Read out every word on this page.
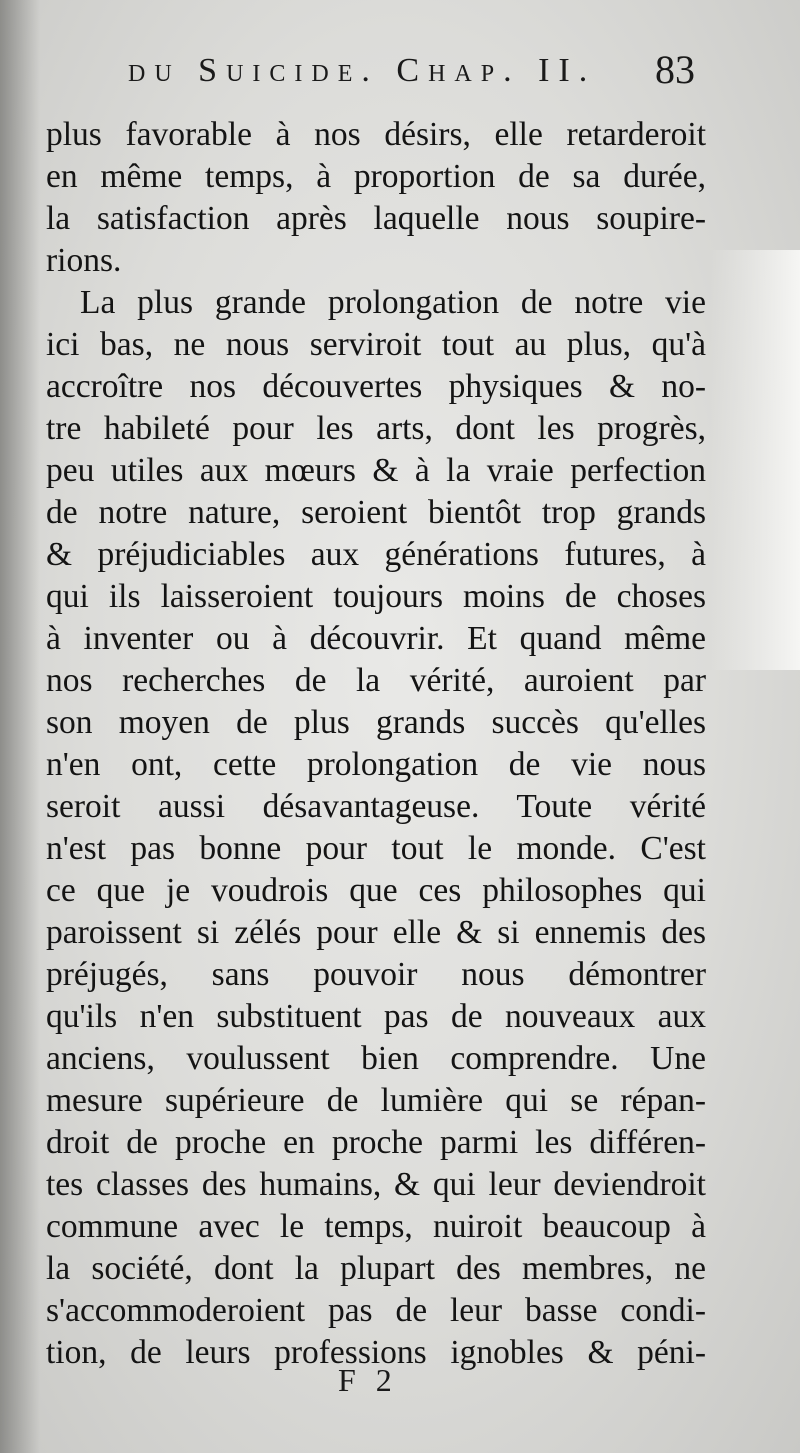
du Suicide. Chap. II. 83
plus favorable à nos désirs, elle retarderoit
en même temps, à proportion de sa durée,
la satisfaction après laquelle nous soupire-
rions.
La plus grande prolongation de notre vie
ici bas, ne nous serviroit tout au plus, qu'à
accroître nos découvertes physiques & no-
tre habileté pour les arts, dont les progrès,
peu utiles aux mœurs & à la vraie perfection
de notre nature, seroient bientôt trop grands
& préjudiciables aux générations futures, à
qui ils laisseroient toujours moins de choses
à inventer ou à découvrir. Et quand même
nos recherches de la vérité, auroient par
son moyen de plus grands succès qu'elles
n'en ont, cette prolongation de vie nous
seroit aussi désavantageuse. Toute vérité
n'est pas bonne pour tout le monde. C'est
ce que je voudrois que ces philosophes qui
paroissent si zélés pour elle & si ennemis des
préjugés, sans pouvoir nous démontrer
qu'ils n'en substituent pas de nouveaux aux
anciens, voulussent bien comprendre. Une
mesure supérieure de lumière qui se répan-
droit de proche en proche parmi les différen-
tes classes des humains, & qui leur deviendroit
commune avec le temps, nuiroit beaucoup à
la société, dont la plupart des membres, ne
s'accommoderoient pas de leur basse condi-
tion, de leurs professions ignobles & péni-
F 2
